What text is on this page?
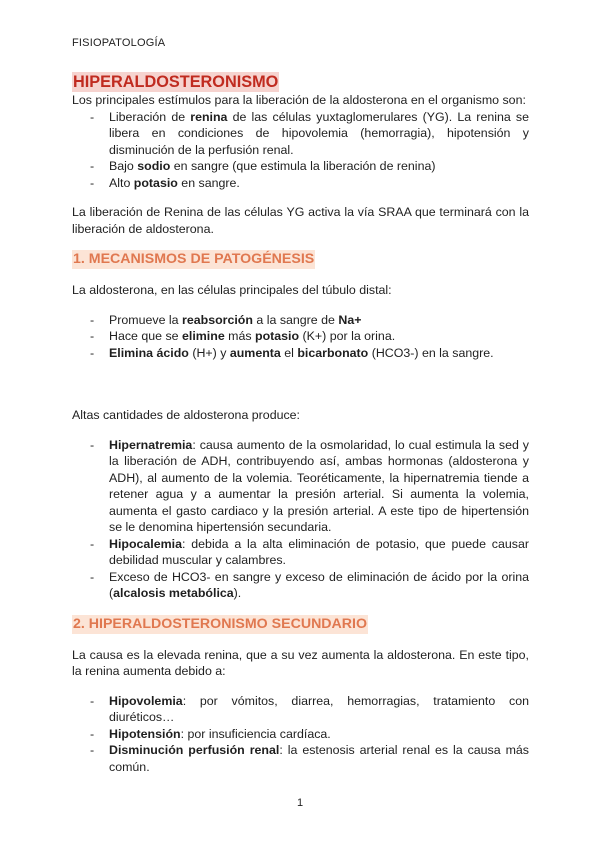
FISIOPATOLOGÍA
HIPERALDOSTERONISMO

Los principales estímulos para la liberación de la aldosterona en el organismo son:

- Liberación de renina de las células yuxtaglomerulares (YG). La renina se libera en condiciones de hipovolemia (hemorragia), hipotensión y disminución de la perfusión renal.
- Bajo sodio en sangre (que estimula la liberación de renina)
- Alto potasio en sangre.

La liberación de Renina de las células YG activa la vía SRAA que terminará con la liberación de aldosterona.

1. MECANISMOS DE PATOGÉNESIS

La aldosterona, en las células principales del túbulo distal:

- Promueve la reabsorción a la sangre de Na+
- Hace que se elimine más potasio (K+) por la orina.
- Elimina ácido (H+) y aumenta el bicarbonato (HCO3-) en la sangre.

Altas cantidades de aldosterona produce:

- Hipernatremia: causa aumento de la osmolaridad, lo cual estimula la sed y la liberación de ADH, contribuyendo así, ambas hormonas (aldosterona y ADH), al aumento de la volemia. Teoréticamente, la hipernatremia tiende a retener agua y a aumentar la presión arterial. Si aumenta la volemia, aumenta el gasto cardiaco y la presión arterial. A este tipo de hipertensión se le denomina hipertensión secundaria.
- Hipocalemia: debida a la alta eliminación de potasio, que puede causar debilidad muscular y calambres.
- Exceso de HCO3- en sangre y exceso de eliminación de ácido por la orina (alcalosis metabólica).
2. HIPERALDOSTERONISMO SECUNDARIO

La causa es la elevada renina, que a su vez aumenta la aldosterona. En este tipo, la renina aumenta debido a:

- Hipovolemia: por vómitos, diarrea, hemorragias, tratamiento con diuréticos…
- Hipotensión: por insuficiencia cardíaca.
- Disminución perfusión renal: la estenosis arterial renal es la causa más común.
1
